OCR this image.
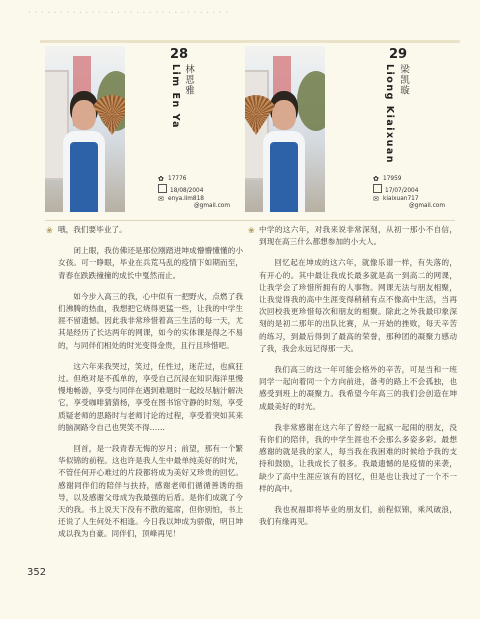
· · · · · · · · · · · · · · · · · · · · · · · · · · · · · · · ·
28
林恩雅
Lim En Ya
✿ 17776
18/08/2004
✉ enya.lim818
@gmail.com
29
梁凯璇
Liong Kiaixuan
✿ 17959
17/07/2004
✉ kiaixuan717
@gmail.com
❀ 哦，我们要毕业了。

闭上眼，我仿佛还是那位刚踏进坤成懵懵懂懂的小女孩。可一睁眼，毕业在兵荒马乱的疫情下如期而至，青春在跌跌撞撞的成长中戛然而止。

如今步入高三的我，心中似有一把野火，点燃了我们沸腾的热血，我想把它烧得更猛一些，让我的中学生涯不留遗憾。因此我非常珍惜着高三生活的每一天，尤其是经历了长达两年的网课，如今的实体课是得之不易的，与同伴们相处的时光变得金贵，且行且珍惜吧。

这六年来我哭过，笑过，任性过，迷茫过，也疯狂过。但绝对是不孤单的，享受自己沉浸在知识海洋里慢慢地畅游，享受与同伴在遇到难题时一起绞尽脑汁解决它，享受咖啡猜猜杨，享受在图书馆守静的时刻，享受质疑老师的思路时与老师讨论的过程，享受着突如其来的脑洞路令自己也哭笑不得……

回首，是一段青春无悔的岁月；前望，那有一个繁华似锦的前程。这也许是我人生中最单纯美好的时光，不管任何开心难过的片段都将成为美好又珍贵的回忆。感谢同伴们的陪伴与扶持，感谢老师们循循善诱的指导，以及感谢父母成为我最强的后盾。是你们成就了今天的我。书上说天下没有不散的筵席，但你别怕，书上还说了人生何处不相逢。今日我以坤成为骄傲，明日坤成以我为自豪。同伴们，顶峰再见！

❀ 中学的这六年，对我来说非常深刻，从初一那小不自信，到现在高三什么都想参加的小大人。

回忆起在坤成的这六年，就像乐谱一样，有失落的，有开心的。其中最让我成长最多就是高一到高二的网课，让我学会了珍惜所拥有的人事物。网课无法与朋友相聚，让我觉得我的高中生涯变得稍稍有点不像高中生活，当再次回校我更珍惜每次和朋友的相聚。除此之外我最印象深刻的是初二那年的出队比赛，从一开始的挫败，每天辛苦的练习，到最后得到了最高的荣誉，那种团的凝聚力感动了我，我会永远记得那一天。

我们高三的这一年可能会格外的辛苦，可是当和一班同学一起向着同一个方向前进，备考的路上不会孤独，也感受到班上的凝聚力。我希望今年高三的我们会创造在坤成最美好的时光。

我非常感谢在这六年了曾经一起疯一起闹的朋友，没有你们的陪伴，我的中学生涯也不会那么多姿多彩。最想感谢的就是我的家人，每当我在我困难的时候给予我的支持和鼓励，让我成长了很多。我最遗憾的是疫情的来袭，缺少了高中生涯应该有的回忆，但是也让我过了一个不一样的高中。

我也祝福即将毕业的朋友们，前程似锦，乘风破浪，我们有缘再见。

352
